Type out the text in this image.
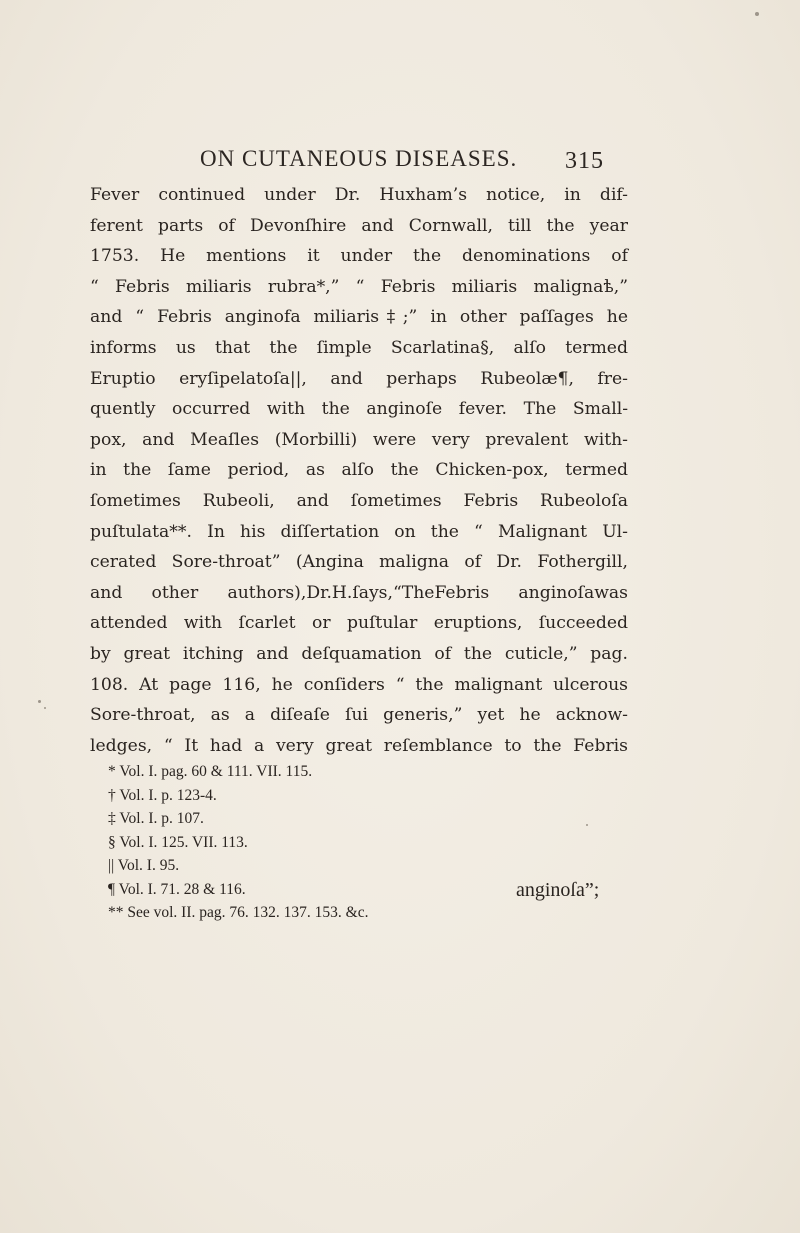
ON CUTANEOUS DISEASES. 315
Fever continued under Dr. Huxham’s notice, in dif-
ferent parts of Devonſhire and Cornwall, till the year
1753. He mentions it under the denominations of
“ Febris miliaris rubra*,” “ Febris miliaris malignaѣ,”
and “ Febris anginofa miliaris‡;” in other paſſages he
informs us that the ſimple Scarlatina§, alſo termed
Eruptio eryſipelatoſa||, and perhaps Rubeolæ¶, fre-
quently occurred with the anginoſe fever. The Small-
pox, and Meaſles (Morbilli) were very prevalent with-
in the ſame period, as alſo the Chicken-pox, termed
ſometimes Rubeoli, and ſometimes Febris Rubeoloſa
puſtulata**. In his diſſertation on the “ Malignant Ul-
cerated Sore-throat” (Angina maligna of Dr. Fothergill,
and other authors),Dr.H.ſays,“TheFebris anginoſawas
attended with ſcarlet or puſtular eruptions, ſucceeded
by great itching and deſquamation of the cuticle,” pag.
108. At page 116, he conſiders “ the malignant ulcerous
Sore-throat, as a diſeaſe ſui generis,” yet he acknow-
ledges, “ It had a very great reſemblance to the Febris
* Vol. I. pag. 60 & 111. VII. 115.
† Vol. I. p. 123-4.
‡ Vol. I. p. 107.
§ Vol. I. 125. VII. 113.
|| Vol. I. 95.
¶ Vol. I. 71. 28 & 116.
** See vol. II. pag. 76. 132. 137. 153. &c.
anginoſa”;
